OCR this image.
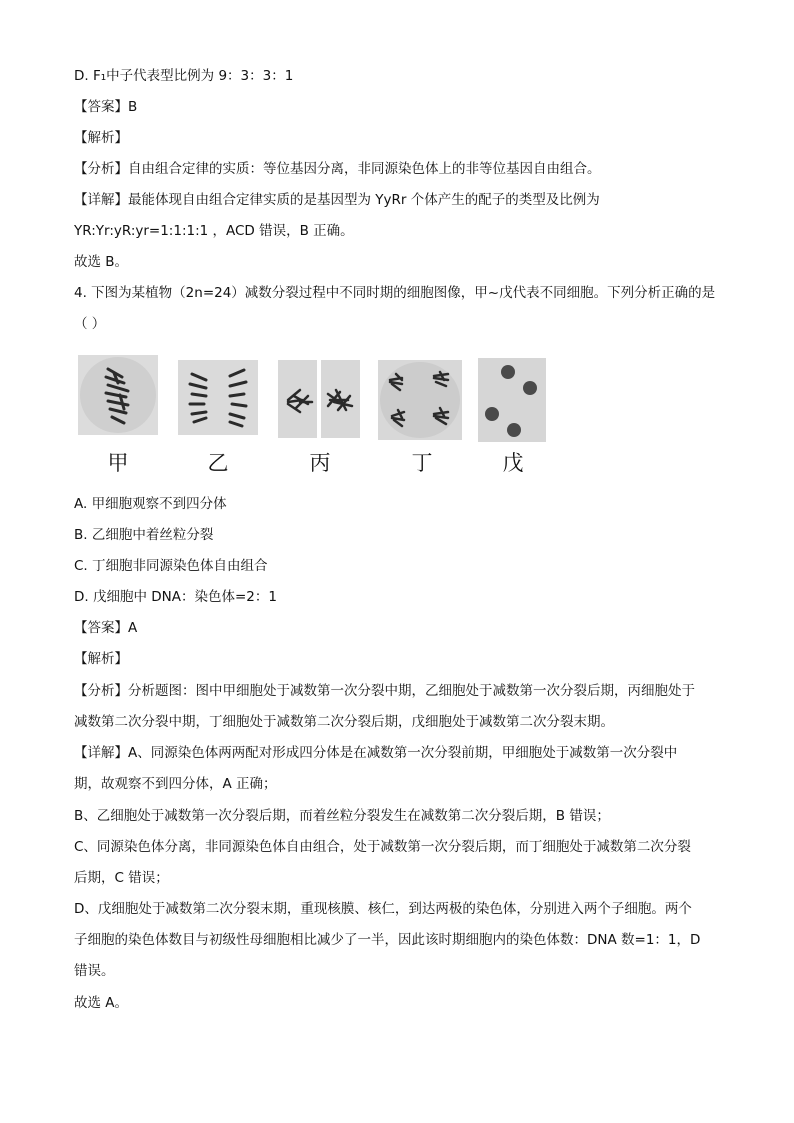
D. F₁中子代表型比例为 9：3：3：1
【答案】B
【解析】
【分析】自由组合定律的实质：等位基因分离，非同源染色体上的非等位基因自由组合。
【详解】最能体现自由组合定律实质的是基因型为 YyRr 个体产生的配子的类型及比例为
YR:Yr:yR:yr=1:1:1:1 ，ACD 错误，B 正确。
故选 B。
4. 下图为某植物（2n=24）减数分裂过程中不同时期的细胞图像，甲~戊代表不同细胞。下列分析正确的是
（ ）
甲	乙	丙	丁	戊
A. 甲细胞观察不到四分体
B. 乙细胞中着丝粒分裂
C. 丁细胞非同源染色体自由组合
D. 戊细胞中 DNA：染色体=2：1
【答案】A
【解析】
【分析】分析题图：图中甲细胞处于减数第一次分裂中期，乙细胞处于减数第一次分裂后期，丙细胞处于
减数第二次分裂中期，丁细胞处于减数第二次分裂后期，戊细胞处于减数第二次分裂末期。
【详解】A、同源染色体两两配对形成四分体是在减数第一次分裂前期，甲细胞处于减数第一次分裂中
期，故观察不到四分体，A 正确；
B、乙细胞处于减数第一次分裂后期，而着丝粒分裂发生在减数第二次分裂后期，B 错误；
C、同源染色体分离，非同源染色体自由组合，处于减数第一次分裂后期，而丁细胞处于减数第二次分裂
后期，C 错误；
D、戊细胞处于减数第二次分裂末期，重现核膜、核仁，到达两极的染色体，分别进入两个子细胞。两个
子细胞的染色体数目与初级性母细胞相比减少了一半，因此该时期细胞内的染色体数：DNA 数=1：1，D
错误。
故选 A。
